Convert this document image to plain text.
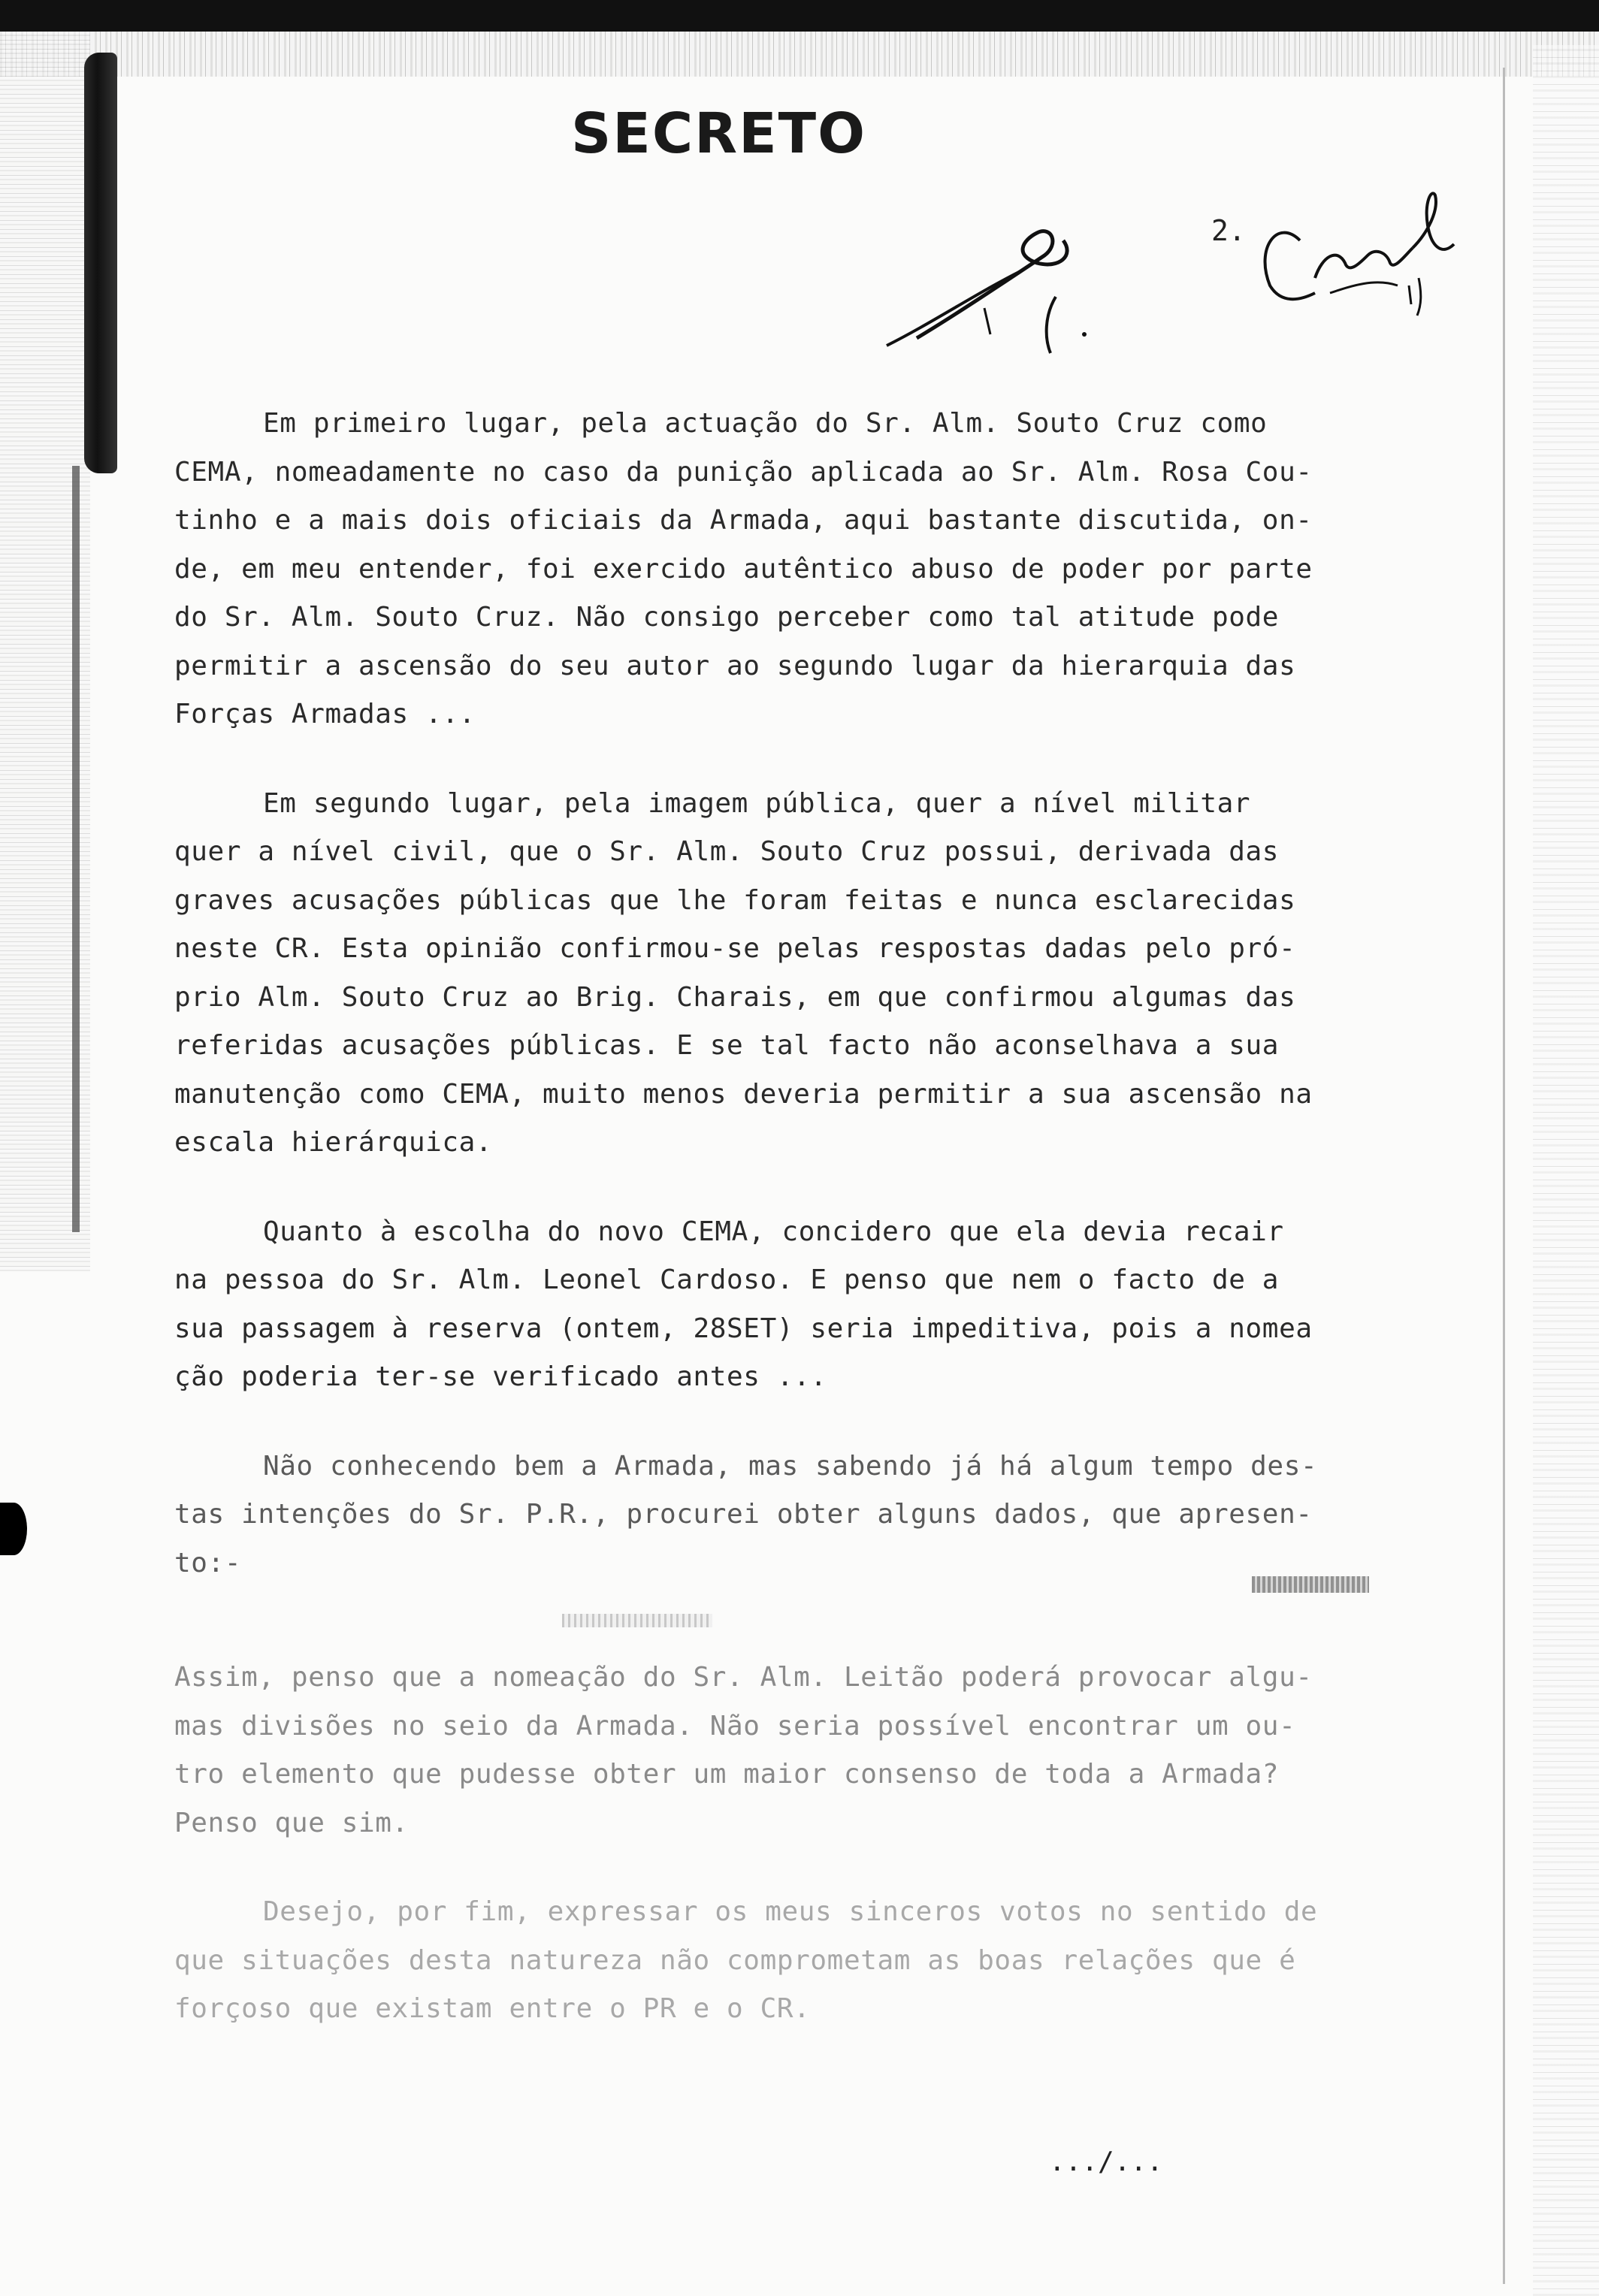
SECRETO
2.
Em primeiro lugar, pela actuação do Sr. Alm. Souto Cruz como
CEMA, nomeadamente no caso da punição aplicada ao Sr. Alm. Rosa Cou-
tinho e a mais dois oficiais da Armada, aqui bastante discutida, on-
de, em meu entender, foi exercido autêntico abuso de poder por parte
do Sr. Alm. Souto Cruz. Não consigo perceber como tal atitude pode
permitir a ascensão do seu autor ao segundo lugar da hierarquia das
Forças Armadas ...
Em segundo lugar, pela imagem pública, quer a nível militar
quer a nível civil, que o Sr. Alm. Souto Cruz possui, derivada das
graves acusações públicas que lhe foram feitas e nunca esclarecidas
neste CR. Esta opinião confirmou-se pelas respostas dadas pelo pró-
prio Alm. Souto Cruz ao Brig. Charais, em que confirmou algumas das
referidas acusações públicas. E se tal facto não aconselhava a sua
manutenção como CEMA, muito menos deveria permitir a sua ascensão na
escala hierárquica.
Quanto à escolha do novo CEMA, concidero que ela devia recair
na pessoa do Sr. Alm. Leonel Cardoso. E penso que nem o facto de a
sua passagem à reserva (ontem, 28SET) seria impeditiva, pois a nomea
ção poderia ter-se verificado antes ...
Não conhecendo bem a Armada, mas sabendo já há algum tempo des-
tas intenções do Sr. P.R., procurei obter alguns dados, que apresen-
to:-
Assim, penso que a nomeação do Sr. Alm. Leitão poderá provocar algu-
mas divisões no seio da Armada. Não seria possível encontrar um ou-
tro elemento que pudesse obter um maior consenso de toda a Armada?
Penso que sim.
Desejo, por fim, expressar os meus sinceros votos no sentido de
que situações desta natureza não comprometam as boas relações que é
forçoso que existam entre o PR e o CR.
.../...
